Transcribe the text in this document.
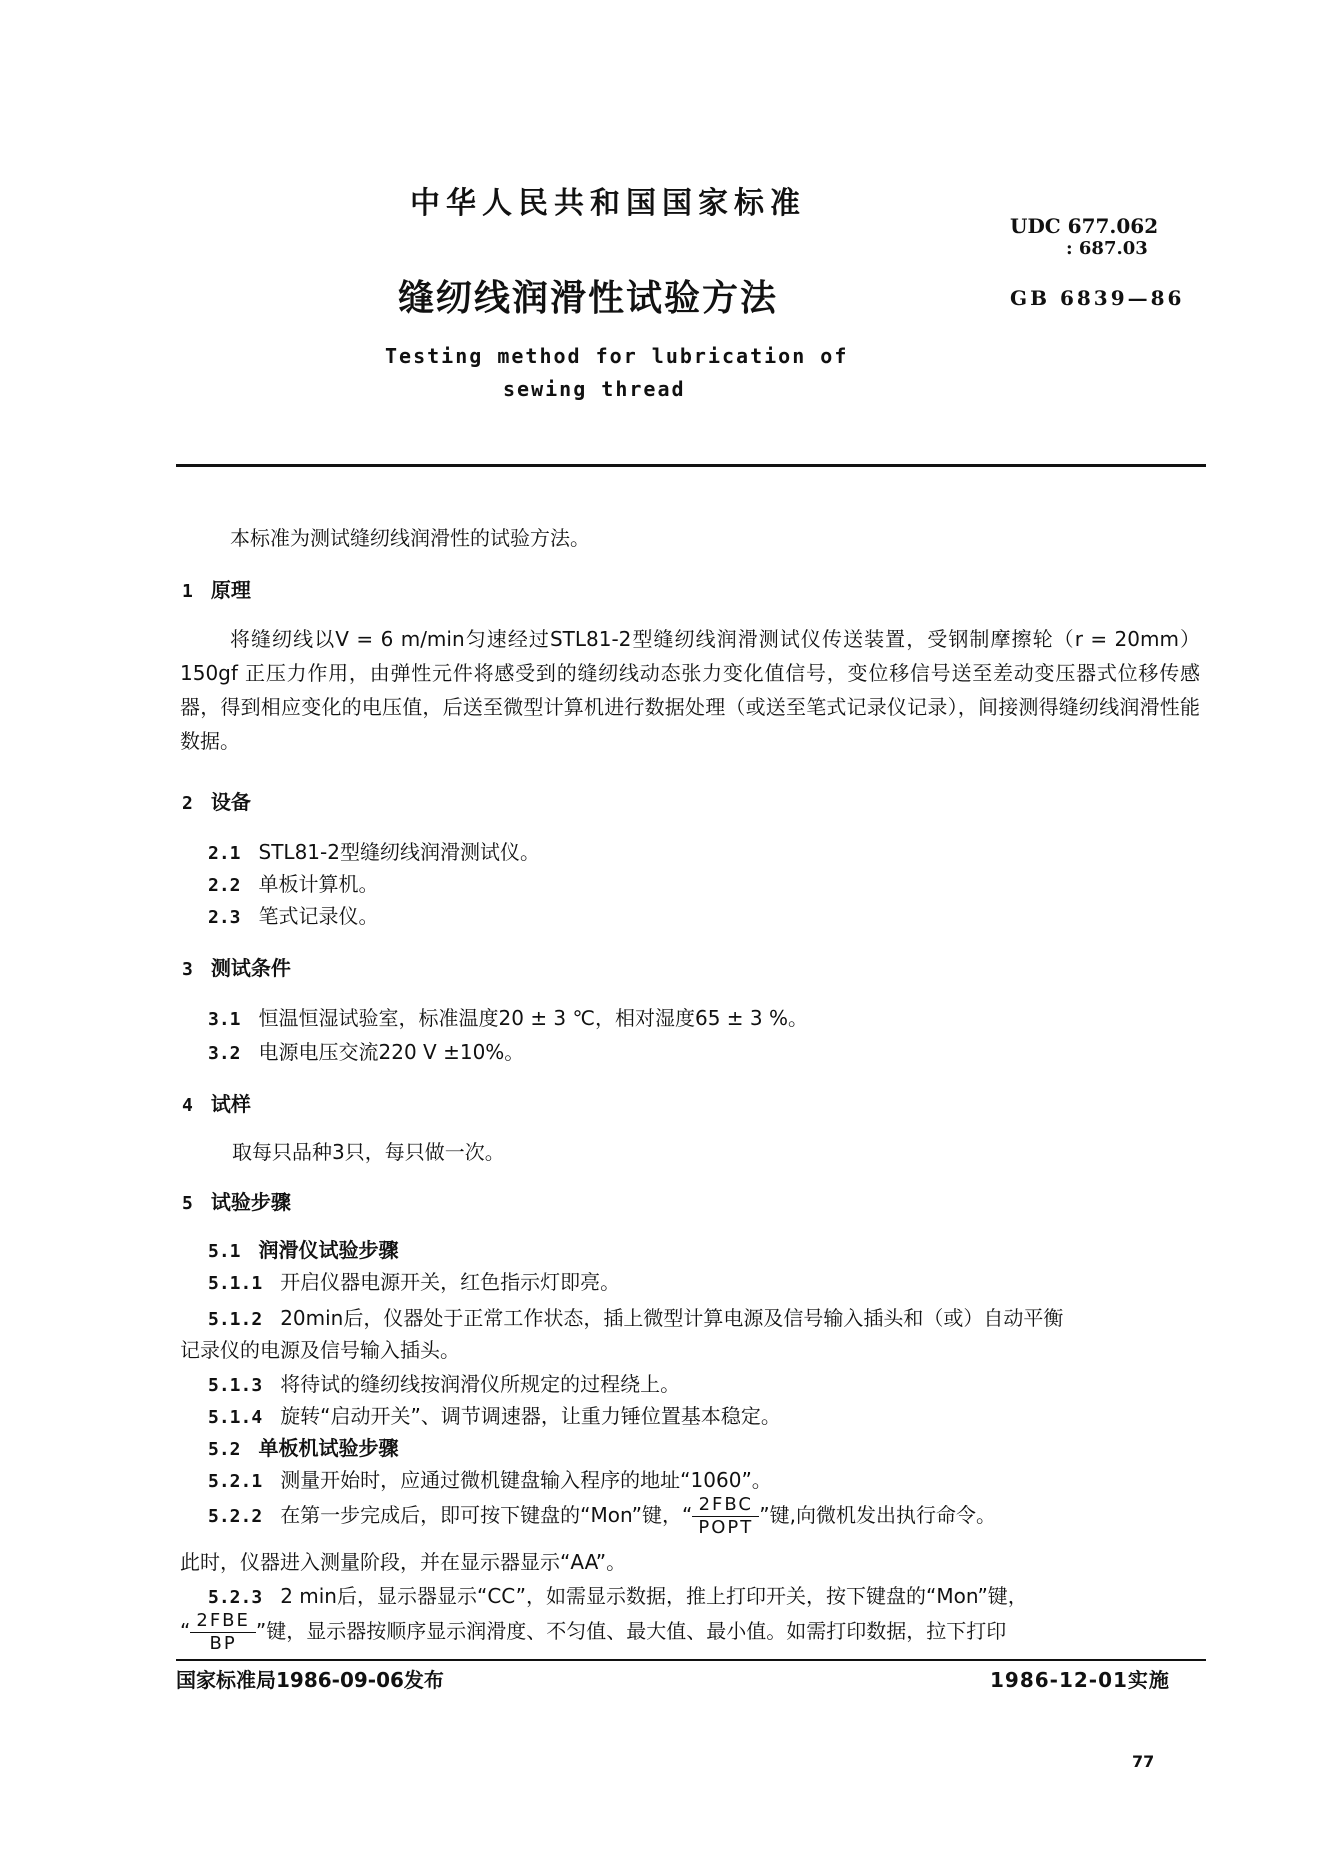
中华人民共和国国家标准
UDC 677.062
: 687.03
缝纫线润滑性试验方法	GB 6839—86
Testing method for lubrication of
sewing thread
本标准为测试缝纫线润滑性的试验方法。
1 原理
将缝纫线以V = 6 m/min匀速经过STL81-2型缝纫线润滑测试仪传送装置，受钢制摩擦轮（r = 20mm）150gf 正压力作用，由弹性元件将感受到的缝纫线动态张力变化值信号，变位移信号送至差动变压器式位移传感器，得到相应变化的电压值，后送至微型计算机进行数据处理（或送至笔式记录仪记录），间接测得缝纫线润滑性能数据。
2 设备
2.1 STL81-2型缝纫线润滑测试仪。
2.2 单板计算机。
2.3 笔式记录仪。
3 测试条件
3.1 恒温恒湿试验室，标准温度20 ± 3 ℃，相对湿度65 ± 3 %。
3.2 电源电压交流220 V ±10%。
4 试样
取每只品种3只，每只做一次。
5 试验步骤
5.1 润滑仪试验步骤
5.1.1 开启仪器电源开关，红色指示灯即亮。
5.1.2 20min后，仪器处于正常工作状态，插上微型计算电源及信号输入插头和（或）自动平衡
记录仪的电源及信号输入插头。
5.1.3 将待试的缝纫线按润滑仪所规定的过程绕上。
5.1.4 旋转“启动开关”、调节调速器，让重力锤位置基本稳定。
5.2 单板机试验步骤
5.2.1 测量开始时，应通过微机键盘输入程序的地址“1060”。
5.2.2 在第一步完成后，即可按下键盘的“Mon”键，“ $\frac{\text{2FBC}}{\text{POPT}}$ ”键,向微机发出执行命令。
此时，仪器进入测量阶段，并在显示器显示“AA”。
5.2.3 2 min后，显示器显示“CC”，如需显示数据，推上打印开关，按下键盘的“Mon”键，
“ $\frac{\text{2FBE}}{BP}$ ”键，显示器按顺序显示润滑度、不匀值、最大值、最小值。如需打印数据，拉下打印
国家标准局1986-09-06发布	1986-12-01实施
77
